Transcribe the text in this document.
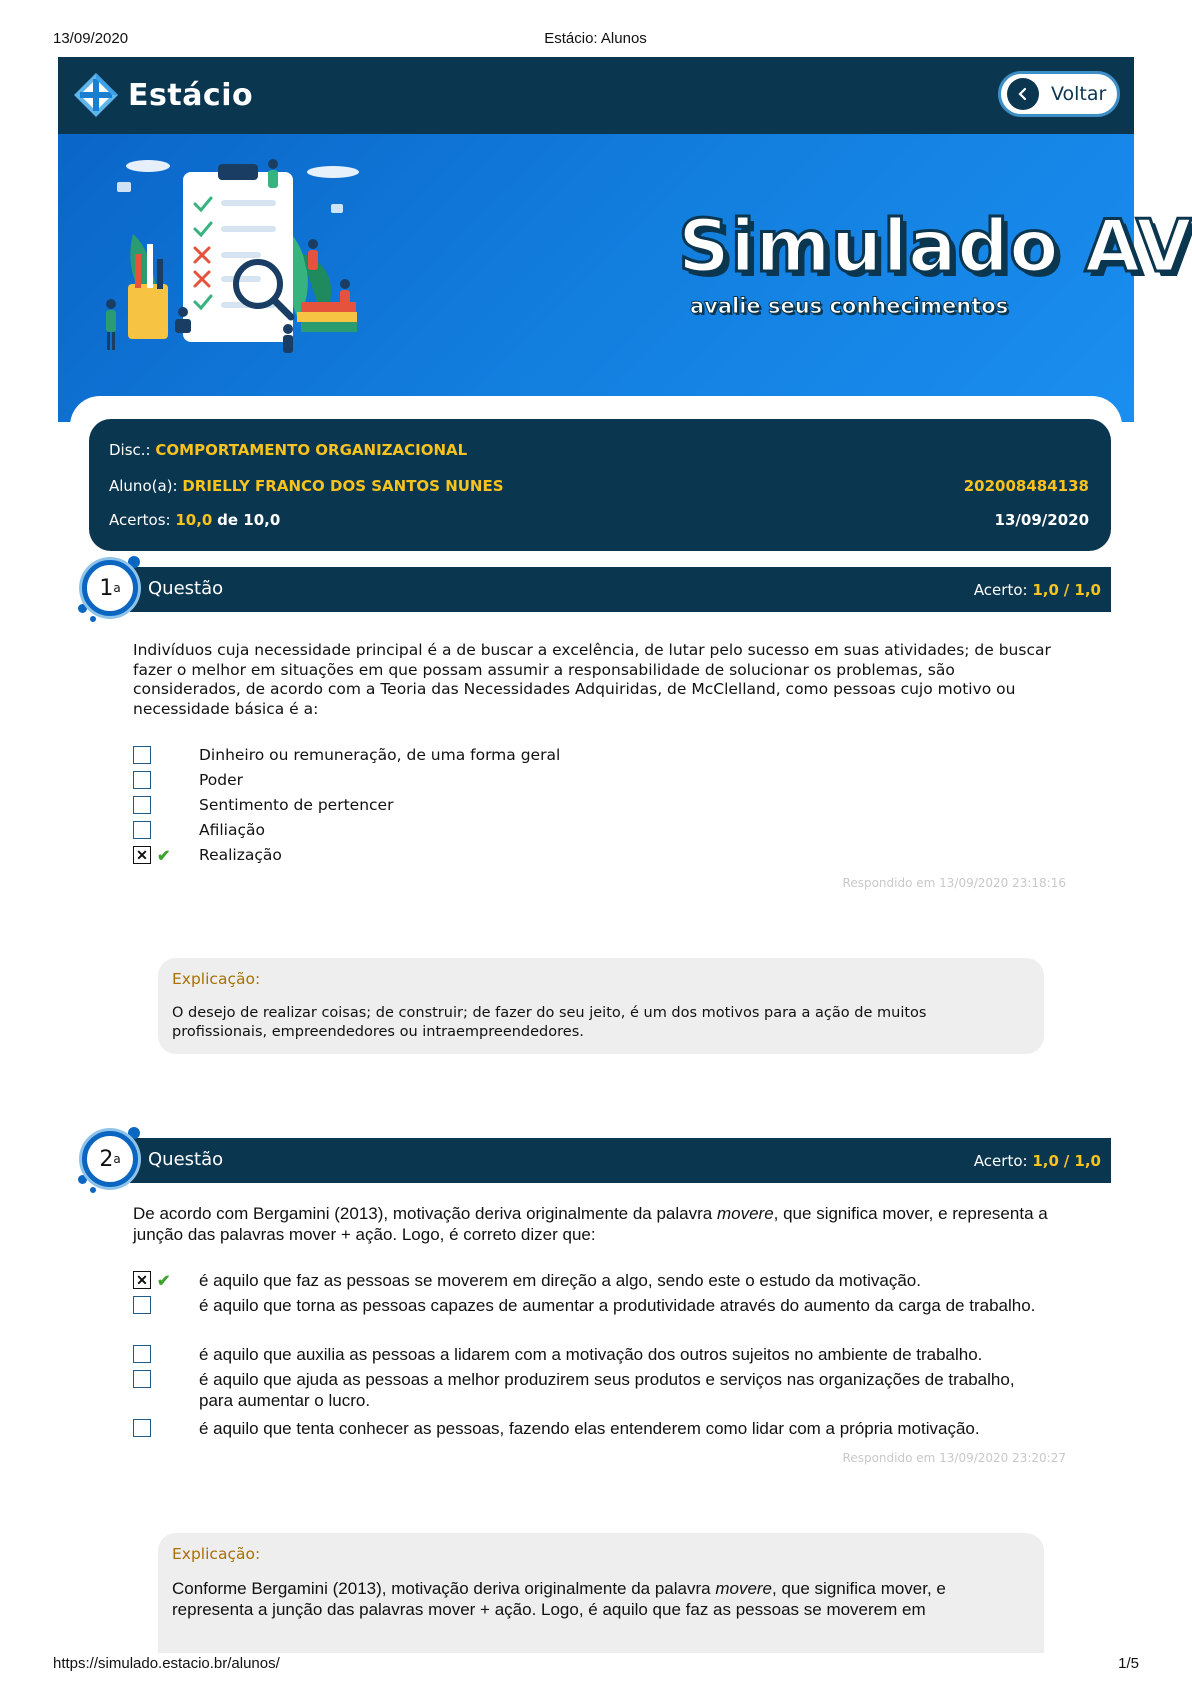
13/09/2020	Estácio: Alunos
Estácio	Voltar
Simulado AV
avalie seus conhecimentos
Disc.: COMPORTAMENTO ORGANIZACIONAL
Aluno(a): DRIELLY FRANCO DOS SANTOS NUNES	202008484138
Acertos: 10,0 de 10,0	13/09/2020
Questão	Acerto: 1,0 / 1,0
1 a
Indivíduos cuja necessidade principal é a de buscar a excelência, de lutar pelo sucesso em suas atividades; de buscar fazer o melhor em situações em que possam assumir a responsabilidade de solucionar os problemas, são considerados, de acordo com a Teoria das Necessidades Adquiridas, de McClelland, como pessoas cujo motivo ou necessidade básica é a:
Dinheiro ou remuneração, de uma forma geral
Poder
Sentimento de pertencer
Afiliação
✕ ✔ Realização
Respondido em 13/09/2020 23:18:16
Explicação:
O desejo de realizar coisas; de construir; de fazer do seu jeito, é um dos motivos para a ação de muitos profissionais, empreendedores ou intraempreendedores.
Questão	Acerto: 1,0 / 1,0
2 a
De acordo com Bergamini (2013), motivação deriva originalmente da palavra movere, que significa mover, e representa a junção das palavras mover + ação. Logo, é correto dizer que:
✕ ✔ é aquilo que faz as pessoas se moverem em direção a algo, sendo este o estudo da motivação.
é aquilo que torna as pessoas capazes de aumentar a produtividade através do aumento da carga de trabalho.
é aquilo que auxilia as pessoas a lidarem com a motivação dos outros sujeitos no ambiente de trabalho.
é aquilo que ajuda as pessoas a melhor produzirem seus produtos e serviços nas organizações de trabalho, para aumentar o lucro.
é aquilo que tenta conhecer as pessoas, fazendo elas entenderem como lidar com a própria motivação.
Respondido em 13/09/2020 23:20:27
Explicação:
Conforme Bergamini (2013), motivação deriva originalmente da palavra movere, que significa mover, e representa a junção das palavras mover + ação. Logo, é aquilo que faz as pessoas se moverem em
https://simulado.estacio.br/alunos/	1/5
